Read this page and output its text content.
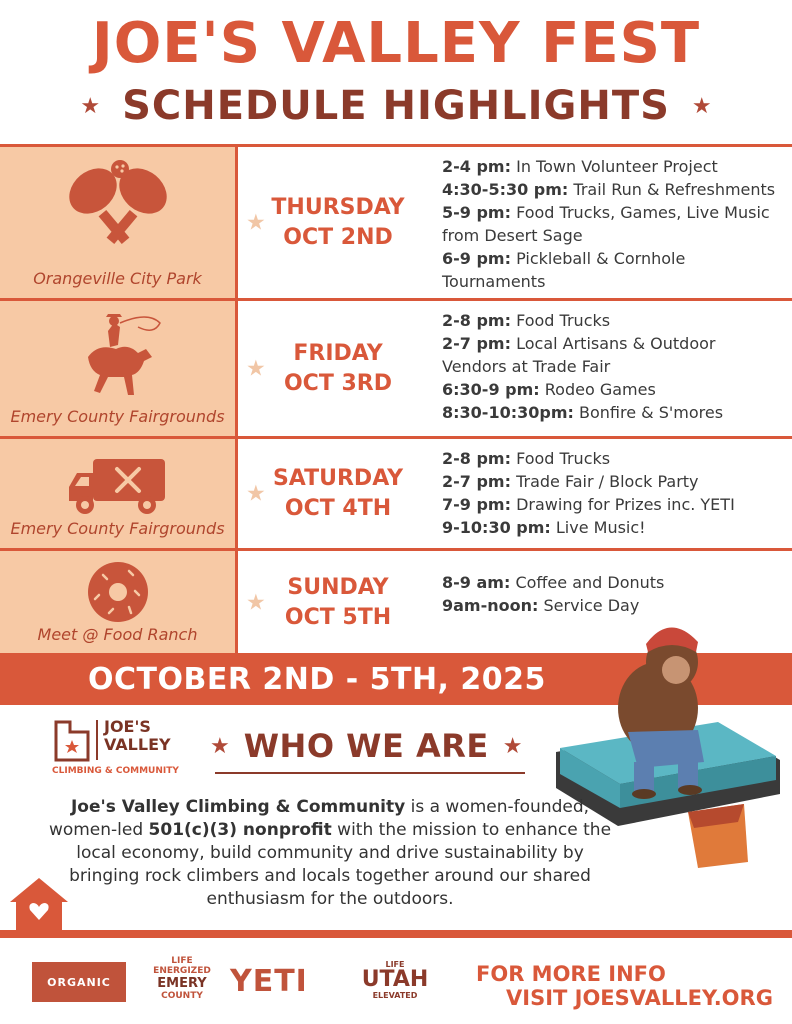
JOE'S VALLEY FEST
★ SCHEDULE HIGHLIGHTS ★
Orangeville City Park
★
THURSDAY
OCT 2ND
2-4 pm: In Town Volunteer Project
4:30-5:30 pm: Trail Run & Refreshments
5-9 pm: Food Trucks, Games, Live Music from Desert Sage
6-9 pm: Pickleball & Cornhole Tournaments
Emery County Fairgrounds
★
FRIDAY
OCT 3RD
2-8 pm: Food Trucks
2-7 pm: Local Artisans & Outdoor Vendors at Trade Fair
6:30-9 pm: Rodeo Games
8:30-10:30pm: Bonfire & S'mores
Emery County Fairgrounds
★
SATURDAY
OCT 4TH
2-8 pm: Food Trucks
2-7 pm: Trade Fair / Block Party
7-9 pm: Drawing for Prizes inc. YETI
9-10:30 pm: Live Music!
Meet @ Food Ranch
★
SUNDAY
OCT 5TH
8-9 am: Coffee and Donuts
9am-noon: Service Day
OCTOBER 2ND - 5TH, 2025
JOE'S
VALLEY
CLIMBING & COMMUNITY
★ WHO WE ARE ★
Joe's Valley Climbing & Community is a women-founded, women-led 501(c)(3) nonprofit with the mission to enhance the local economy, build community and drive sustainability by bringing rock climbers and locals together around our shared enthusiasm for the outdoors.
ORGANIC
LIFE ENERGIZED
EMERY
COUNTY YETI	LIFE
UTAH
ELEVATED
FOR MORE INFO
VISIT JOESVALLEY.ORG
